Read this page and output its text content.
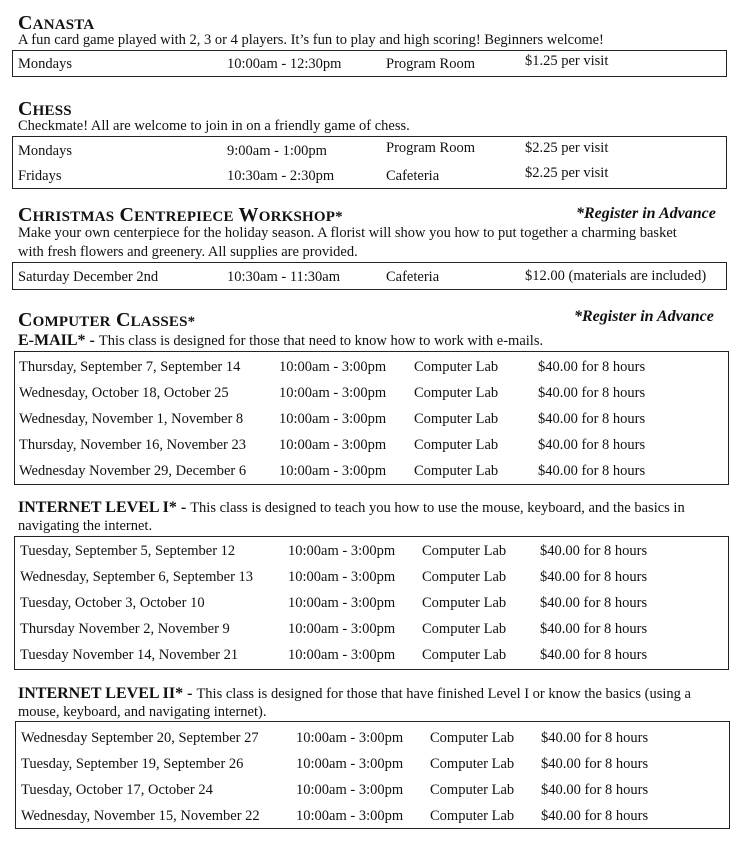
CANASTA
A fun card game played with 2, 3 or 4 players. It’s fun to play and high scoring! Beginners welcome!
Mondays	10:00am - 12:30pm	Program Room	$1.25 per visit
CHESS
Checkmate! All are welcome to join in on a friendly game of chess.
Mondays	9:00am - 1:00pm	Program Room	$2.25 per visit
Fridays	10:30am - 2:30pm	Cafeteria	$2.25 per visit
CHRISTMAS CENTREPIECE WORKSHOP*	*Register in Advance
Make your own centerpiece for the holiday season. A florist will show you how to put together a charming basket
with fresh flowers and greenery. All supplies are provided.
Saturday December 2nd	10:30am - 11:30am	Cafeteria	$12.00 (materials are included)
COMPUTER CLASSES*	*Register in Advance
E-MAIL* - This class is designed for those that need to know how to work with e-mails.
Thursday, September 7, September 14	10:00am - 3:00pm Computer Lab	$40.00 for 8 hours
Wednesday, October 18, October 25	10:00am - 3:00pm Computer Lab	$40.00 for 8 hours
Wednesday, November 1, November 8 10:00am - 3:00pm Computer Lab	$40.00 for 8 hours
Thursday, November 16, November 23 10:00am - 3:00pm Computer Lab	$40.00 for 8 hours
Wednesday November 29, December 6 10:00am - 3:00pm Computer Lab	$40.00 for 8 hours
INTERNET LEVEL I* - This class is designed to teach you how to use the mouse, keyboard, and the basics in navigating the internet.
Tuesday, September 5, September 12	10:00am - 3:00pm Computer Lab $40.00 for 8 hours
Wednesday, September 6, September 13 10:00am - 3:00pm Computer Lab $40.00 for 8 hours
Tuesday, October 3, October 10	10:00am - 3:00pm Computer Lab $40.00 for 8 hours
Thursday November 2, November 9	10:00am - 3:00pm Computer Lab $40.00 for 8 hours
Tuesday November 14, November 21	10:00am - 3:00pm Computer Lab $40.00 for 8 hours
INTERNET LEVEL II* - This class is designed for those that have finished Level I or know the basics (using a mouse, keyboard, and navigating internet).
Wednesday September 20, September 27	10:00am - 3:00pm Computer Lab $40.00 for 8 hours
Tuesday, September 19, September 26	10:00am - 3:00pm Computer Lab $40.00 for 8 hours
Tuesday, October 17, October 24	10:00am - 3:00pm Computer Lab $40.00 for 8 hours
Wednesday, November 15, November 22	10:00am - 3:00pm Computer Lab $40.00 for 8 hours
